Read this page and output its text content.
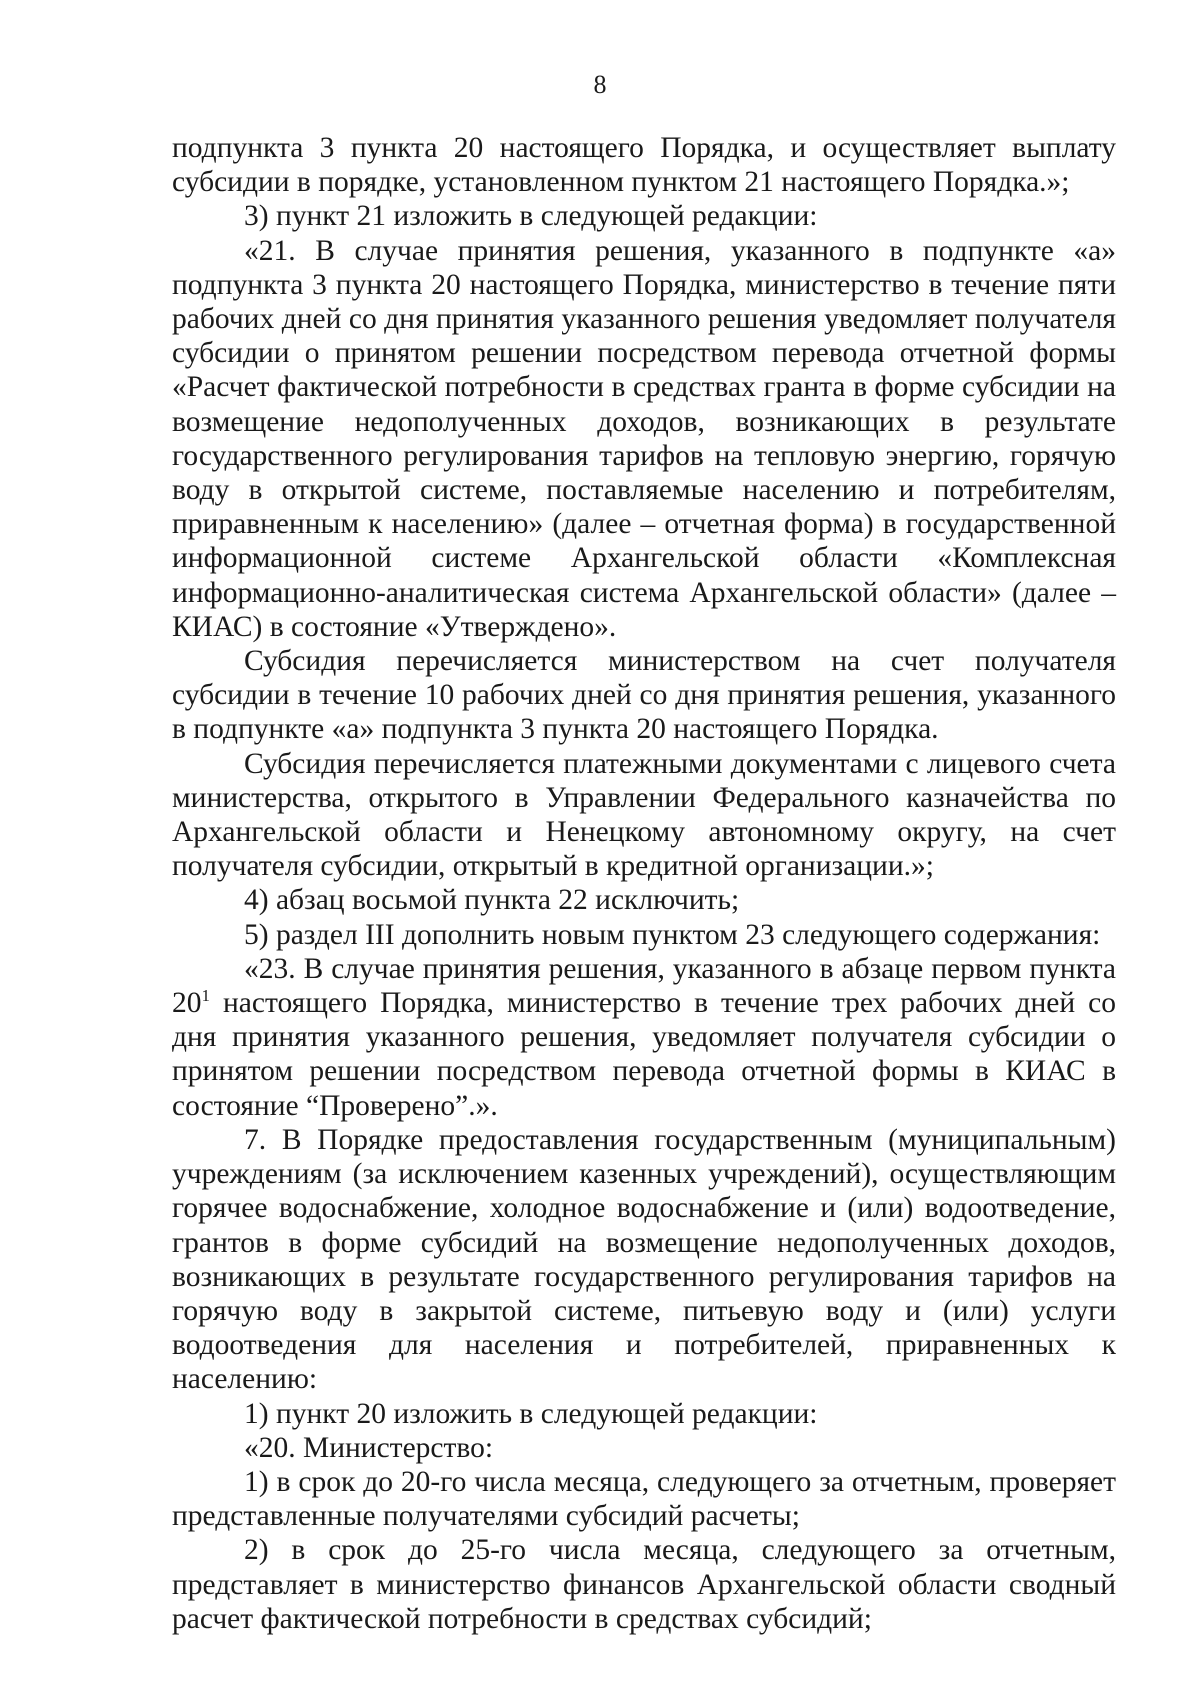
8

подпункта 3 пункта 20 настоящего Порядка, и осуществляет выплату субсидии в порядке, установленном пунктом 21 настоящего Порядка.»;

3) пункт 21 изложить в следующей редакции:

«21. В случае принятия решения, указанного в подпункте «а» подпункта 3 пункта 20 настоящего Порядка, министерство в течение пяти рабочих дней со дня принятия указанного решения уведомляет получателя субсидии о принятом решении посредством перевода отчетной формы «Расчет фактической потребности в средствах гранта в форме субсидии на возмещение недополученных доходов, возникающих в результате государственного регулирования тарифов на тепловую энергию, горячую воду в открытой системе, поставляемые населению и потребителям, приравненным к населению» (далее – отчетная форма) в государственной информационной системе Архангельской области «Комплексная информационно-аналитическая система Архангельской области» (далее – КИАС) в состояние «Утверждено».

Субсидия перечисляется министерством на счет получателя субсидии в течение 10 рабочих дней со дня принятия решения, указанного в подпункте «а» подпункта 3 пункта 20 настоящего Порядка.

Субсидия перечисляется платежными документами с лицевого счета министерства, открытого в Управлении Федерального казначейства по Архангельской области и Ненецкому автономному округу, на счет получателя субсидии, открытый в кредитной организации.»;

4) абзац восьмой пункта 22 исключить;

5) раздел III дополнить новым пунктом 23 следующего содержания:

«23. В случае принятия решения, указанного в абзаце первом пункта $20^1$ настоящего Порядка, министерство в течение трех рабочих дней со дня принятия указанного решения, уведомляет получателя субсидии о принятом решении посредством перевода отчетной формы в КИАС в состояние “Проверено”.».

7. В Порядке предоставления государственным (муниципальным) учреждениям (за исключением казенных учреждений), осуществляющим горячее водоснабжение, холодное водоснабжение и (или) водоотведение, грантов в форме субсидий на возмещение недополученных доходов, возникающих в результате государственного регулирования тарифов на горячую воду в закрытой системе, питьевую воду и (или) услуги водоотведения для населения и потребителей, приравненных к населению:

1) пункт 20 изложить в следующей редакции:

«20. Министерство:

1) в срок до 20-го числа месяца, следующего за отчетным, проверяет представленные получателями субсидий расчеты;

2) в срок до 25-го числа месяца, следующего за отчетным, представляет в министерство финансов Архангельской области сводный расчет фактической потребности в средствах субсидий;
